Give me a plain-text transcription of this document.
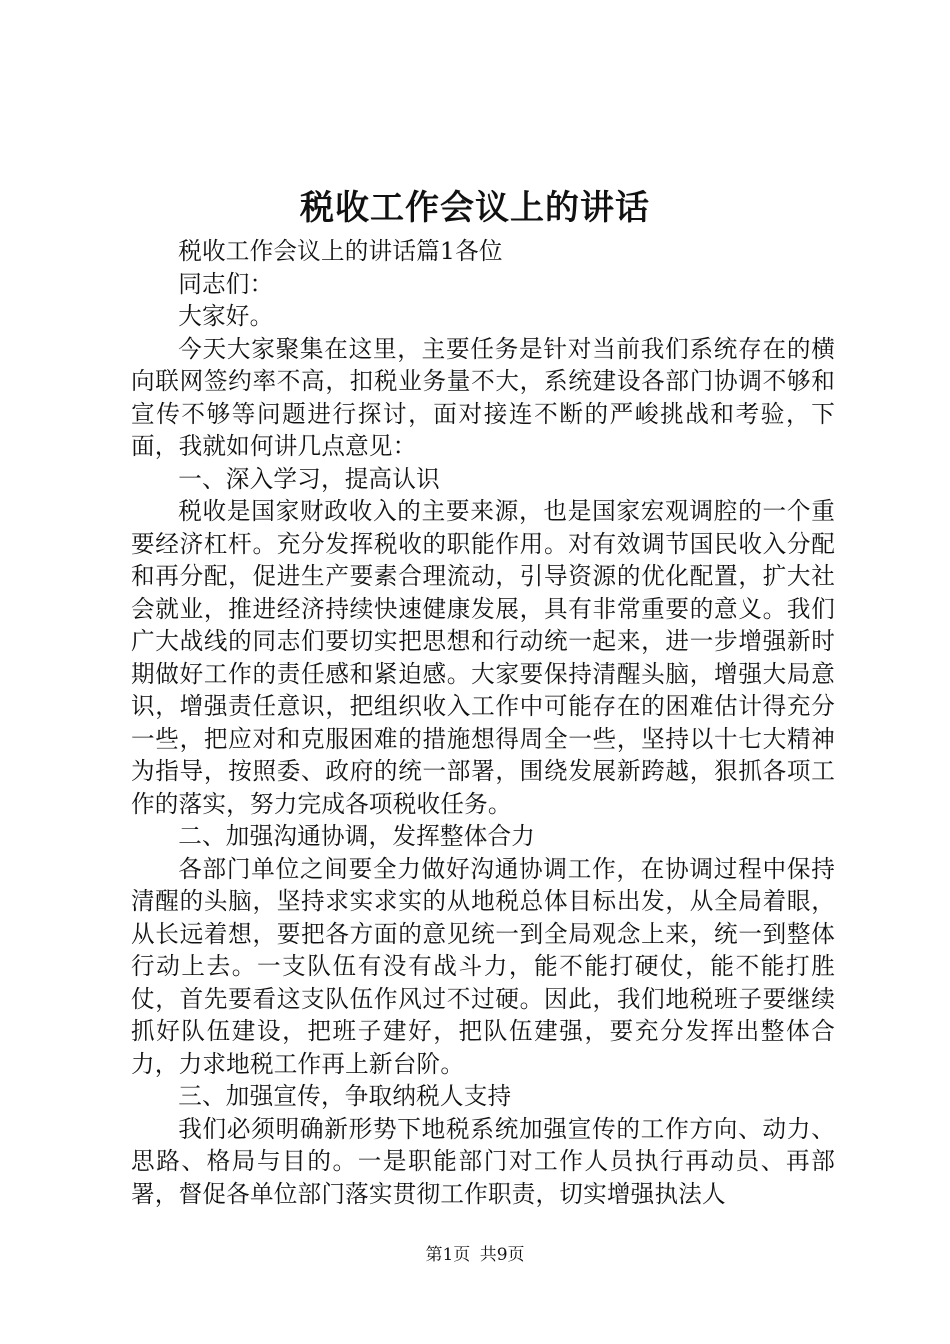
税收工作会议上的讲话

税收工作会议上的讲话篇1各位

同志们：

大家好。

今天大家聚集在这里，主要任务是针对当前我们系统存在的横向联网签约率不高，扣税业务量不大，系统建设各部门协调不够和宣传不够等问题进行探讨，面对接连不断的严峻挑战和考验，下面，我就如何讲几点意见：

一、深入学习，提高认识

税收是国家财政收入的主要来源，也是国家宏观调腔的一个重要经济杠杆。充分发挥税收的职能作用。对有效调节国民收入分配和再分配，促进生产要素合理流动，引导资源的优化配置，扩大社会就业，推进经济持续快速健康发展，具有非常重要的意义。我们广大战线的同志们要切实把思想和行动统一起来，进一步增强新时期做好工作的责任感和紧迫感。大家要保持清醒头脑，增强大局意识，增强责任意识，把组织收入工作中可能存在的困难估计得充分一些，把应对和克服困难的措施想得周全一些，坚持以十七大精神为指导，按照委、政府的统一部署，围绕发展新跨越，狠抓各项工作的落实，努力完成各项税收任务。

二、加强沟通协调，发挥整体合力

各部门单位之间要全力做好沟通协调工作，在协调过程中保持清醒的头脑，坚持求实求实的从地税总体目标出发，从全局着眼，从长远着想，要把各方面的意见统一到全局观念上来，统一到整体行动上去。一支队伍有没有战斗力，能不能打硬仗，能不能打胜仗，首先要看这支队伍作风过不过硬。因此，我们地税班子要继续抓好队伍建设，把班子建好，把队伍建强，要充分发挥出整体合力，力求地税工作再上新台阶。

三、加强宣传，争取纳税人支持

我们必须明确新形势下地税系统加强宣传的工作方向、动力、思路、格局与目的。一是职能部门对工作人员执行再动员、再部署，督促各单位部门落实贯彻工作职责，切实增强执法人

第1页 共9页
